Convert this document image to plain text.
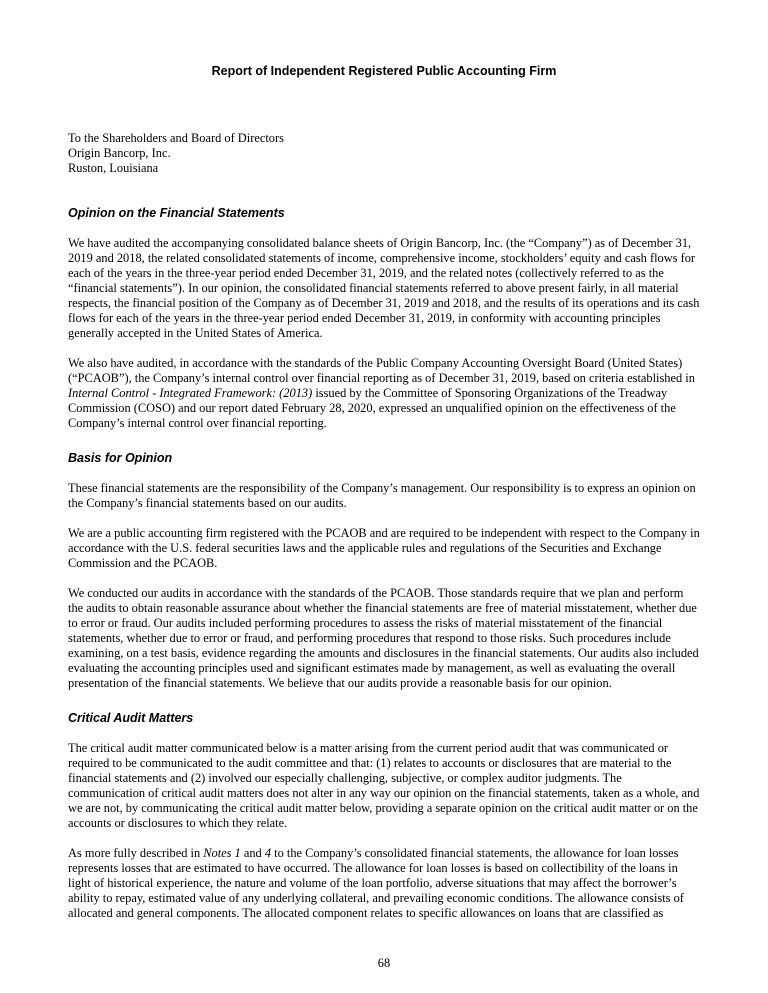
Report of Independent Registered Public Accounting Firm
To the Shareholders and Board of Directors
Origin Bancorp, Inc.
Ruston, Louisiana
Opinion on the Financial Statements

We have audited the accompanying consolidated balance sheets of Origin Bancorp, Inc. (the “Company”) as of December 31, 2019 and 2018, the related consolidated statements of income, comprehensive income, stockholders’ equity and cash flows for each of the years in the three-year period ended December 31, 2019, and the related notes (collectively referred to as the “financial statements”). In our opinion, the consolidated financial statements referred to above present fairly, in all material respects, the financial position of the Company as of December 31, 2019 and 2018, and the results of its operations and its cash flows for each of the years in the three-year period ended December 31, 2019, in conformity with accounting principles generally accepted in the United States of America.

We also have audited, in accordance with the standards of the Public Company Accounting Oversight Board (United States) (“PCAOB”), the Company’s internal control over financial reporting as of December 31, 2019, based on criteria established in Internal Control - Integrated Framework: (2013) issued by the Committee of Sponsoring Organizations of the Treadway Commission (COSO) and our report dated February 28, 2020, expressed an unqualified opinion on the effectiveness of the Company’s internal control over financial reporting.

Basis for Opinion

These financial statements are the responsibility of the Company’s management. Our responsibility is to express an opinion on the Company’s financial statements based on our audits.

We are a public accounting firm registered with the PCAOB and are required to be independent with respect to the Company in accordance with the U.S. federal securities laws and the applicable rules and regulations of the Securities and Exchange Commission and the PCAOB.

We conducted our audits in accordance with the standards of the PCAOB. Those standards require that we plan and perform the audits to obtain reasonable assurance about whether the financial statements are free of material misstatement, whether due to error or fraud. Our audits included performing procedures to assess the risks of material misstatement of the financial statements, whether due to error or fraud, and performing procedures that respond to those risks. Such procedures include examining, on a test basis, evidence regarding the amounts and disclosures in the financial statements. Our audits also included evaluating the accounting principles used and significant estimates made by management, as well as evaluating the overall presentation of the financial statements. We believe that our audits provide a reasonable basis for our opinion.

Critical Audit Matters

The critical audit matter communicated below is a matter arising from the current period audit that was communicated or required to be communicated to the audit committee and that: (1) relates to accounts or disclosures that are material to the financial statements and (2) involved our especially challenging, subjective, or complex auditor judgments. The communication of critical audit matters does not alter in any way our opinion on the financial statements, taken as a whole, and we are not, by communicating the critical audit matter below, providing a separate opinion on the critical audit matter or on the accounts or disclosures to which they relate.

As more fully described in Notes 1 and 4 to the Company’s consolidated financial statements, the allowance for loan losses represents losses that are estimated to have occurred. The allowance for loan losses is based on collectibility of the loans in light of historical experience, the nature and volume of the loan portfolio, adverse situations that may affect the borrower’s ability to repay, estimated value of any underlying collateral, and prevailing economic conditions. The allowance consists of allocated and general components. The allocated component relates to specific allowances on loans that are classified as

68
